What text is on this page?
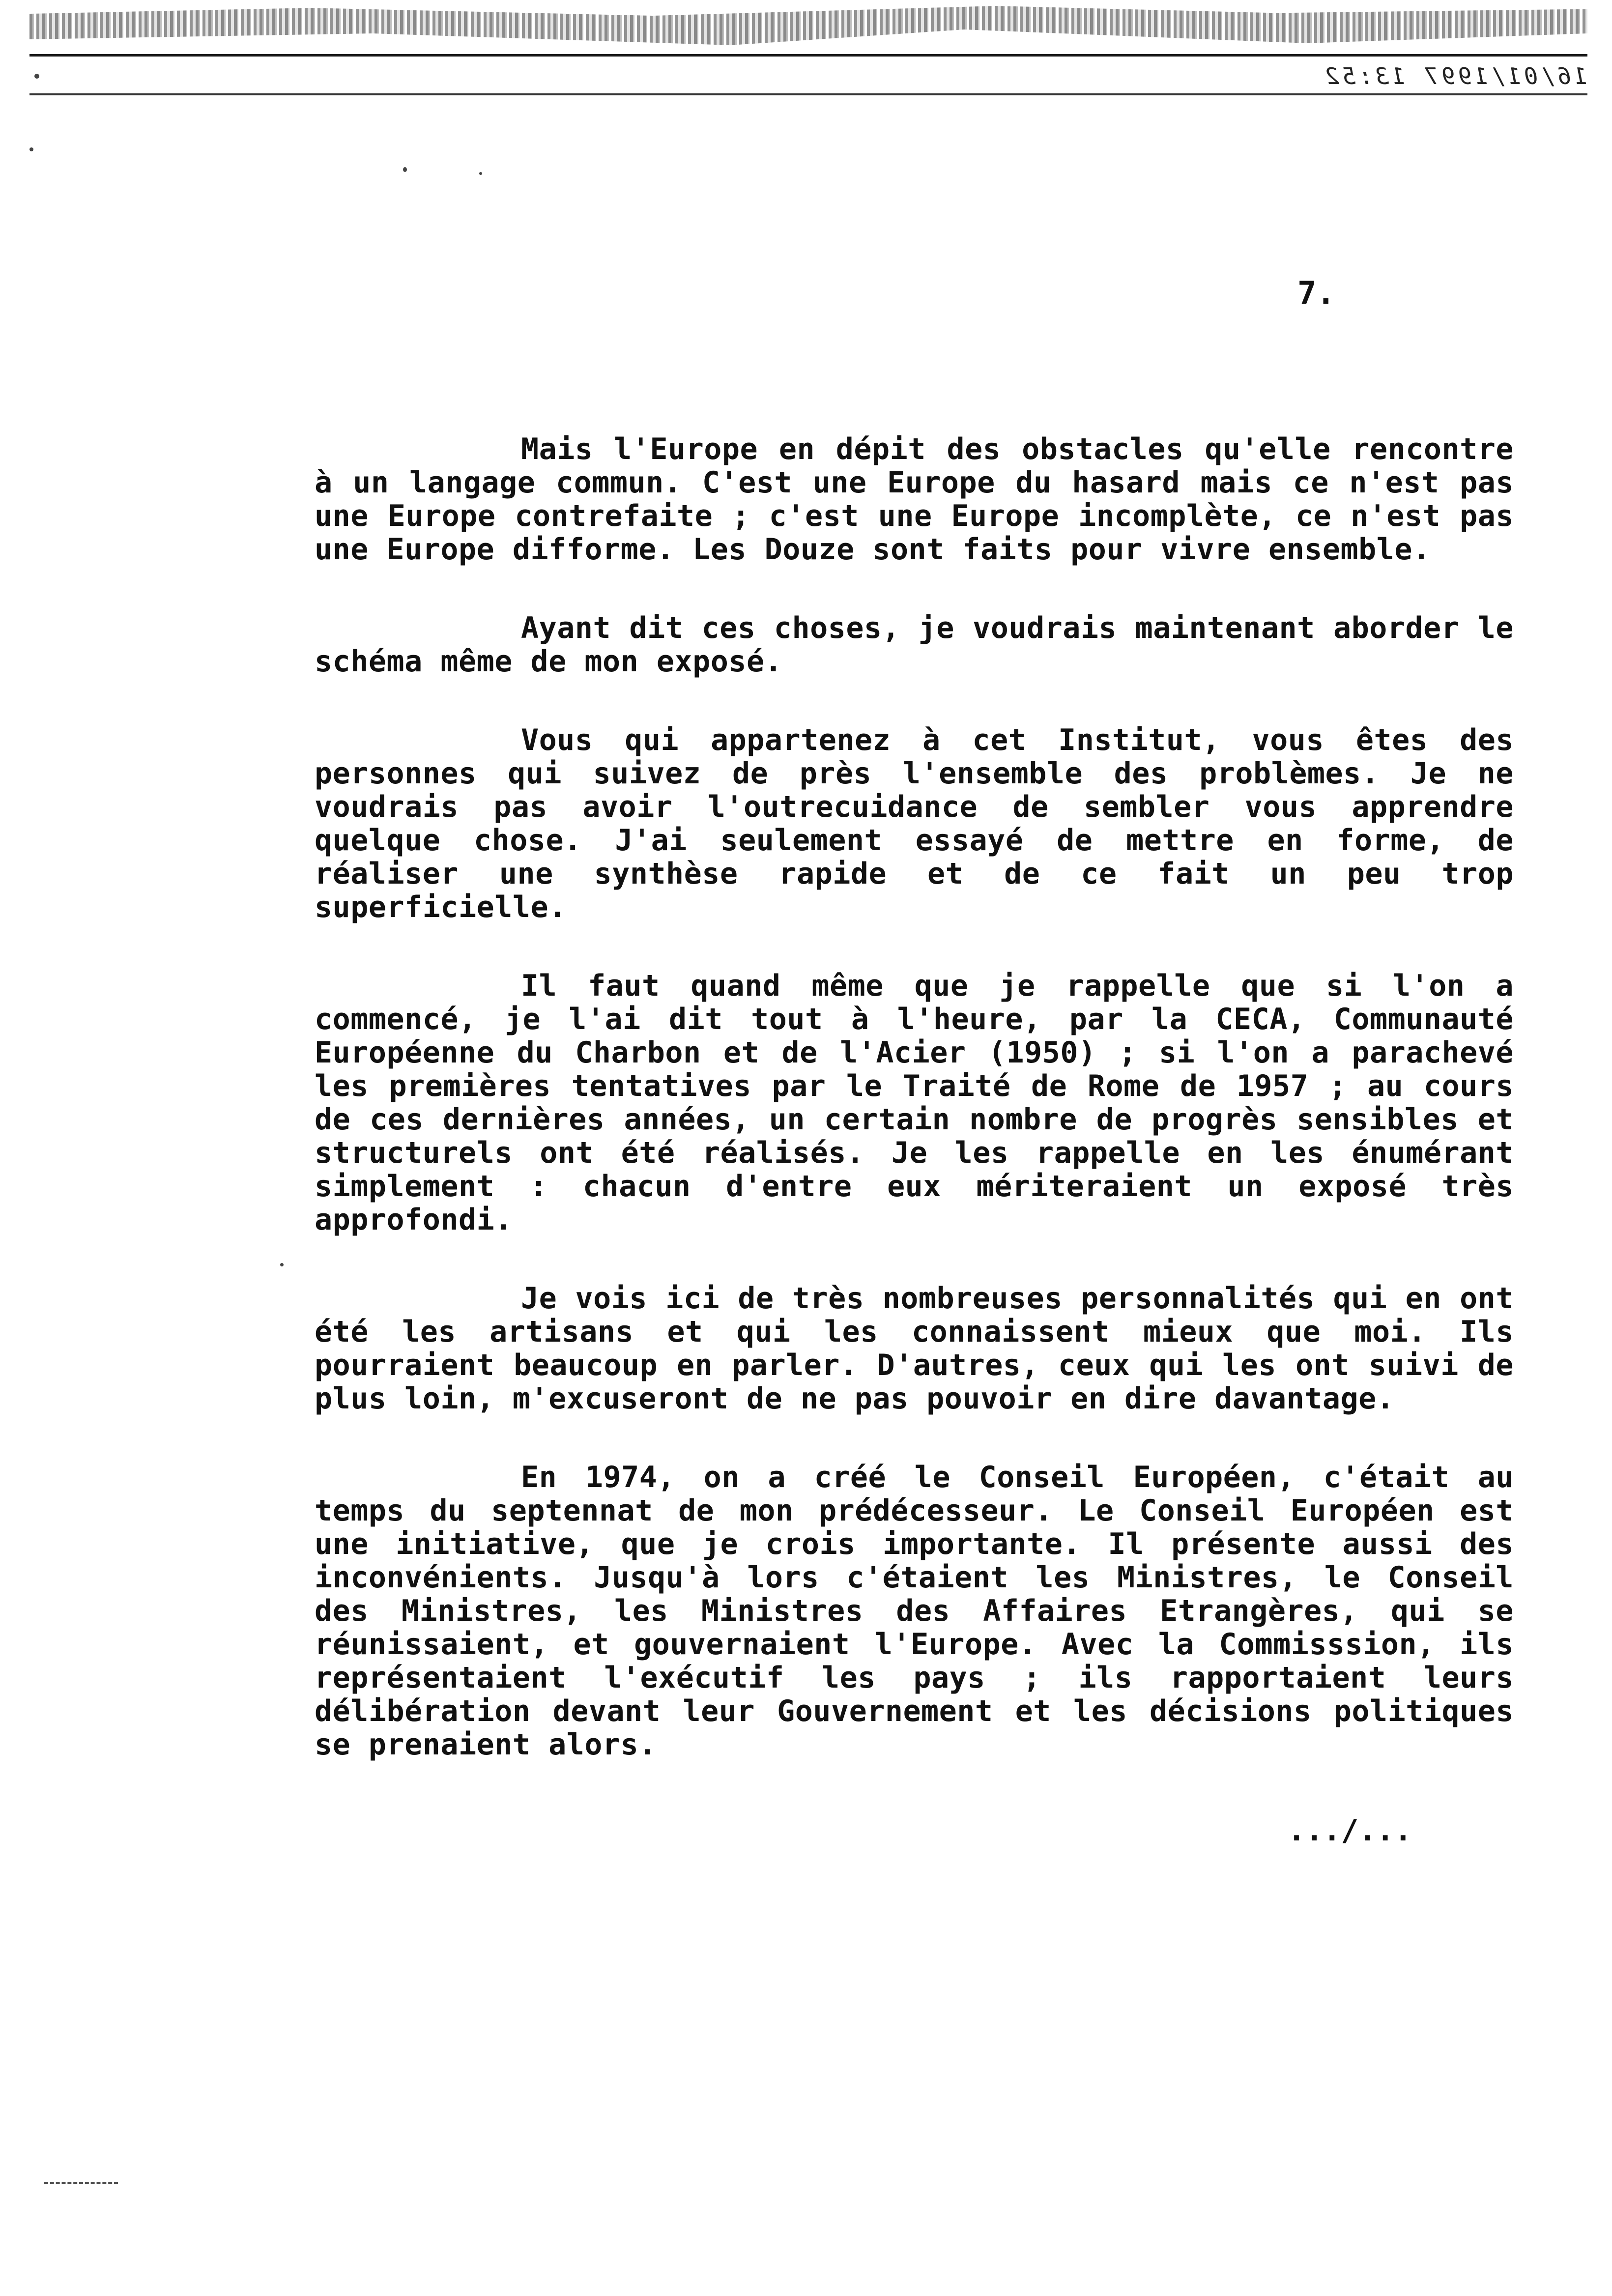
16/01/1997 13:52
7.

Mais l'Europe en dépit des obstacles qu'elle rencontre à un langage commun. C'est une Europe du hasard mais ce n'est pas une Europe contrefaite ; c'est une Europe incomplète, ce n'est pas une Europe difforme. Les Douze sont faits pour vivre ensemble.

Ayant dit ces choses, je voudrais maintenant aborder le schéma même de mon exposé.

Vous qui appartenez à cet Institut, vous êtes des personnes qui suivez de près l'ensemble des problèmes. Je ne voudrais pas avoir l'outrecuidance de sembler vous apprendre quelque chose. J'ai seulement essayé de mettre en forme, de réaliser une synthèse rapide et de ce fait un peu trop superficielle.

Il faut quand même que je rappelle que si l'on a commencé, je l'ai dit tout à l'heure, par la CECA, Communauté Européenne du Charbon et de l'Acier (1950) ; si l'on a parachevé les premières tentatives par le Traité de Rome de 1957 ; au cours de ces dernières années, un certain nombre de progrès sensibles et structurels ont été réalisés. Je les rappelle en les énumérant simplement : chacun d'entre eux mériteraient un exposé très approfondi.

Je vois ici de très nombreuses personnalités qui en ont été les artisans et qui les connaissent mieux que moi. Ils pourraient beaucoup en parler. D'autres, ceux qui les ont suivi de plus loin, m'excuseront de ne pas pouvoir en dire davantage.

En 1974, on a créé le Conseil Européen, c'était au temps du septennat de mon prédécesseur. Le Conseil Européen est une initiative, que je crois importante. Il présente aussi des inconvénients. Jusqu'à lors c'étaient les Ministres, le Conseil des Ministres, les Ministres des Affaires Etrangères, qui se réunissaient, et gouvernaient l'Europe. Avec la Commisssion, ils représentaient l'exécutif les pays ; ils rapportaient leurs délibération devant leur Gouvernement et les décisions politiques se prenaient alors.

.../...
